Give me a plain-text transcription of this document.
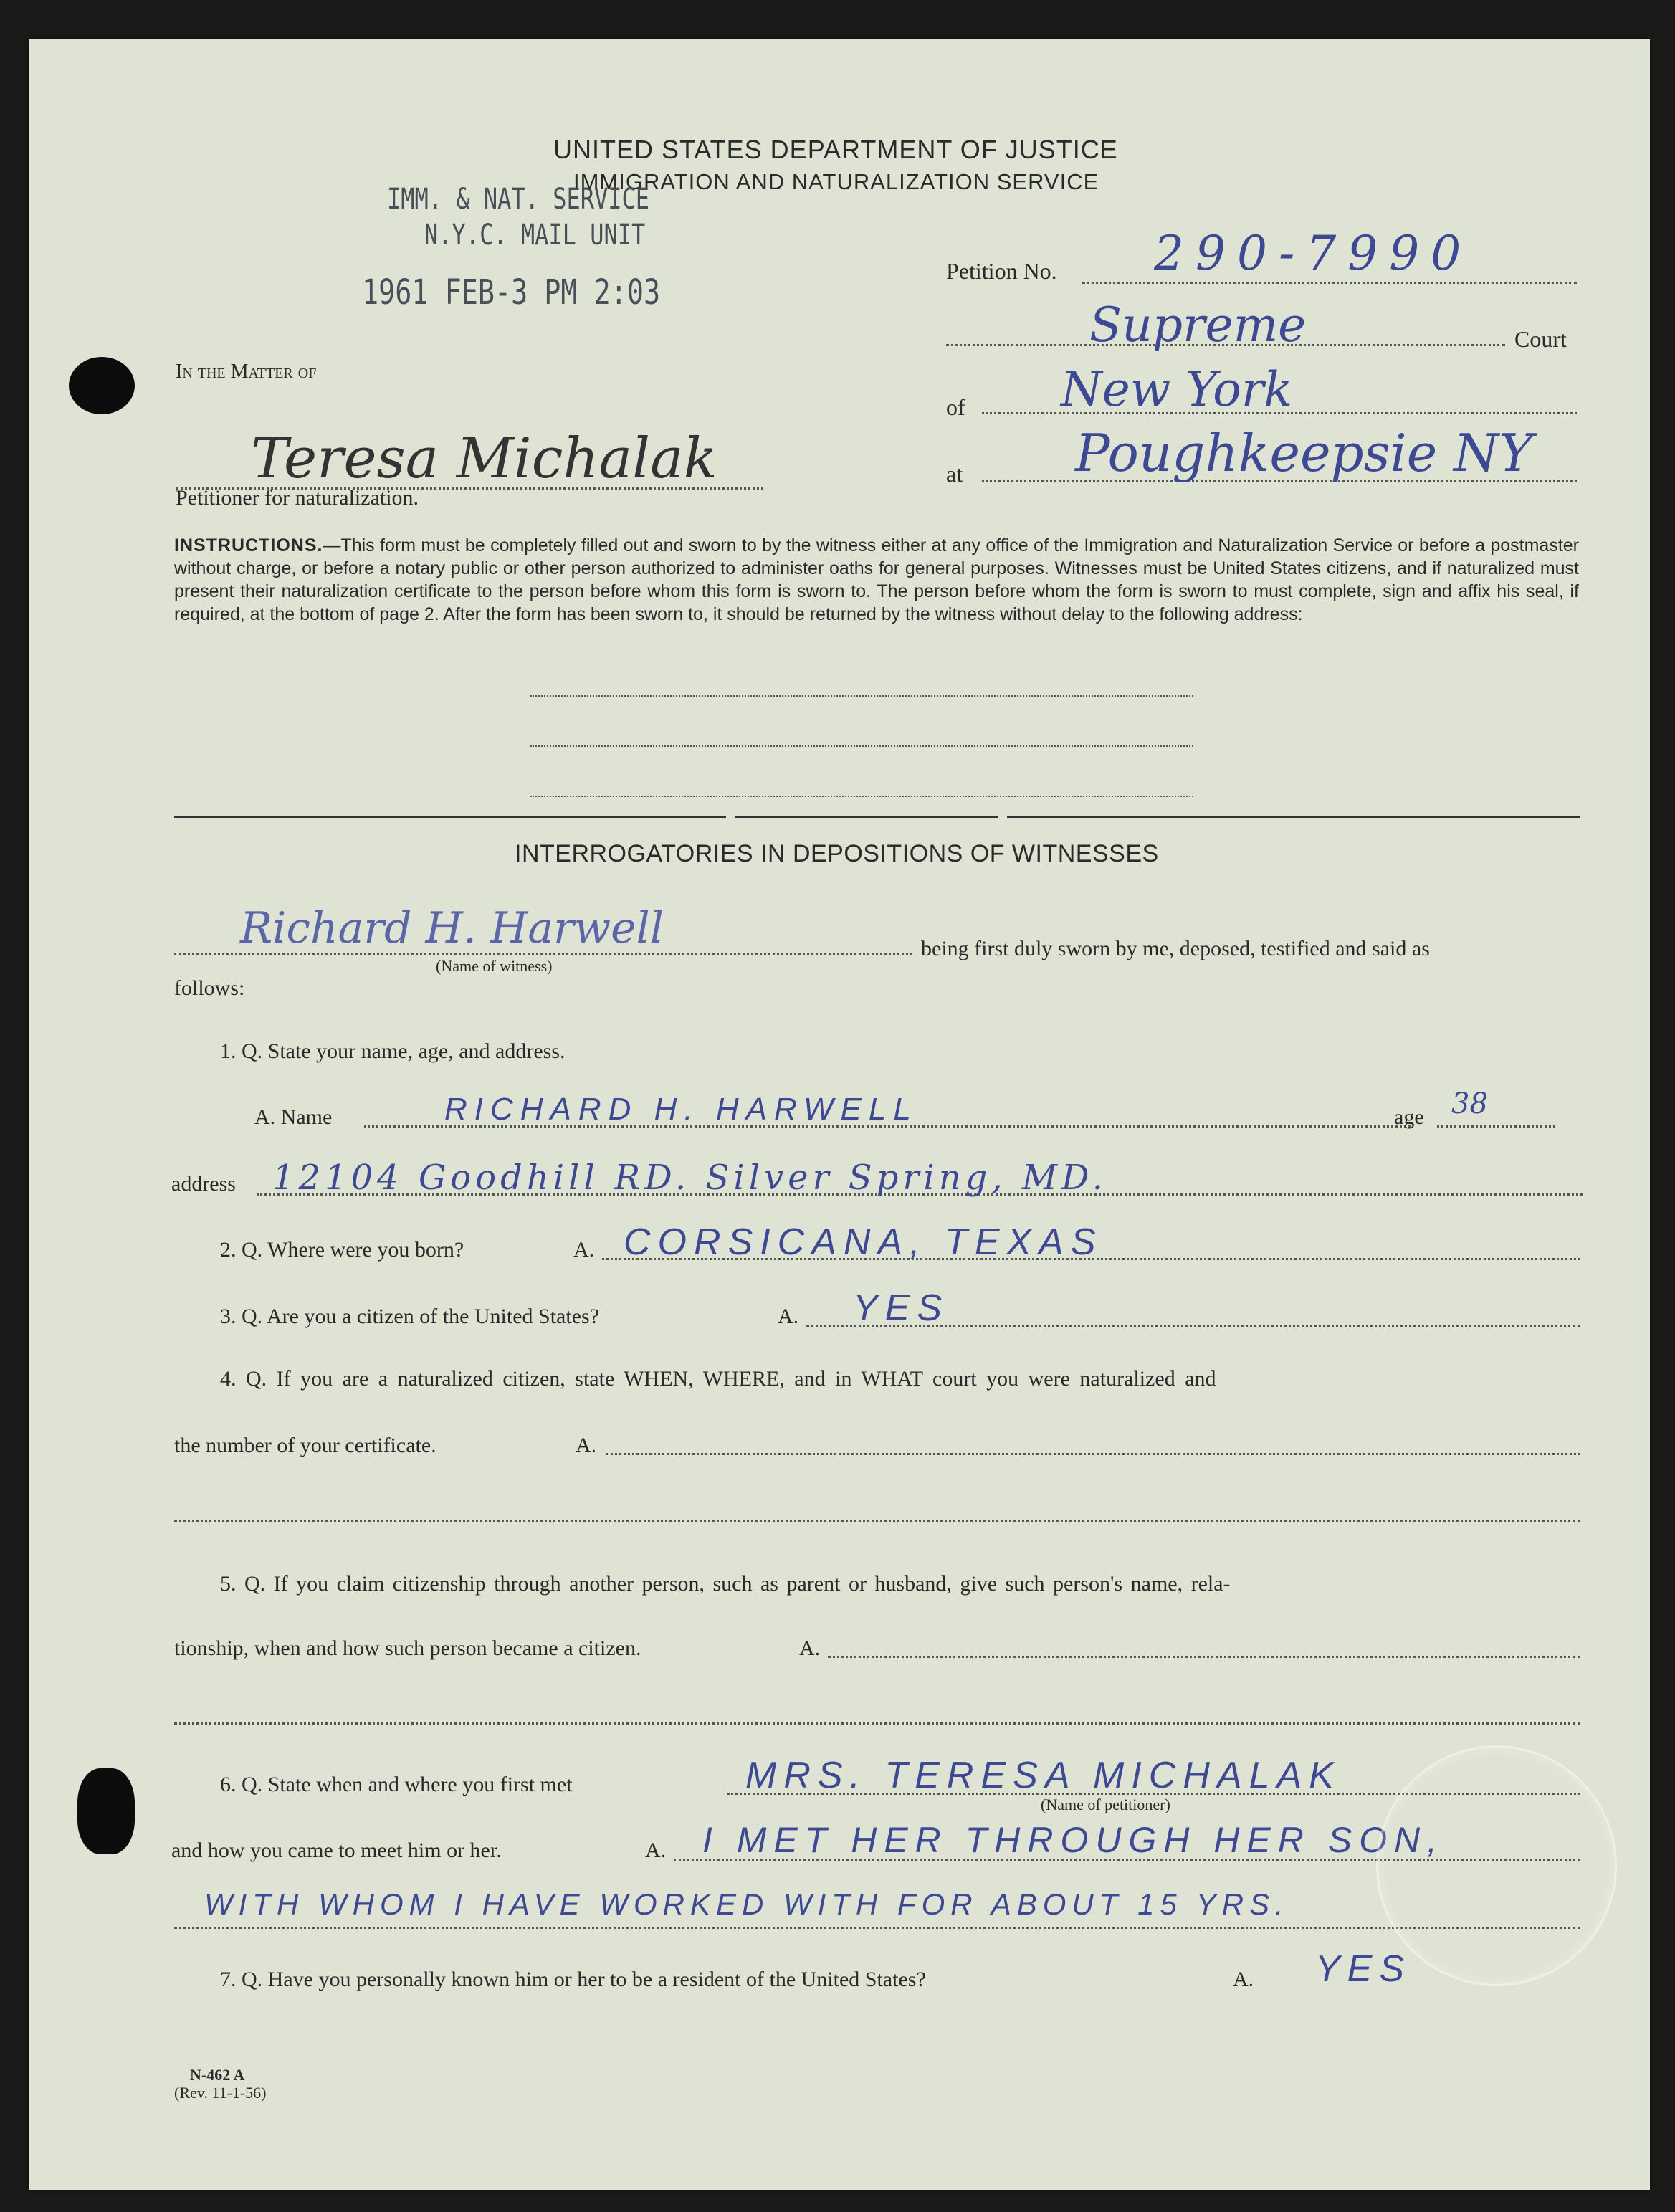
UNITED STATES DEPARTMENT OF JUSTICE
IMMIGRATION AND NATURALIZATION SERVICE
IMM. & NAT. SERVICE
N.Y.C. MAIL UNIT
1961 FEB-3 PM 2:03
Petition No. 290-7990
Supreme	Court
of New York
at Poughkeepsie NY
In the Matter of
Teresa Michalak
Petitioner for naturalization.
INSTRUCTIONS.—This form must be completely filled out and sworn to by the witness either at any office of the Immigration and Naturalization Service or before a postmaster without charge, or before a notary public or other person authorized to administer oaths for general purposes. Witnesses must be United States citizens, and if naturalized must present their naturalization certificate to the person before whom this form is sworn to. The person before whom the form is sworn to must complete, sign and affix his seal, if required, at the bottom of page 2. After the form has been sworn to, it should be returned by the witness without delay to the following address:
INTERROGATORIES IN DEPOSITIONS OF WITNESSES
Richard H. Harwell
(Name of witness)
being first duly sworn by me, deposed, testified and said as
follows:
1. Q. State your name, age, and address.
A. Name	RICHARD H. HARWELL	age 38
address 12104 Goodhill RD. Silver Spring, MD.
2. Q. Where were you born?	A. CORSICANA, TEXAS
3. Q. Are you a citizen of the United States?	A. YES
4. Q. If you are a naturalized citizen, state WHEN, WHERE, and in WHAT court you were naturalized and
the number of your certificate.	A.
5. Q. If you claim citizenship through another person, such as parent or husband, give such person's name, rela-
tionship, when and how such person became a citizen.	A.
6. Q. State when and where you first met	MRS. TERESA MICHALAK
(Name of petitioner)
and how you came to meet him or her.	A. I MET HER THROUGH HER SON,
WITH WHOM I HAVE WORKED WITH FOR ABOUT 15 YRS.
7. Q. Have you personally known him or her to be a resident of the United States?	A. YES
N-462 A
(Rev. 11-1-56)
